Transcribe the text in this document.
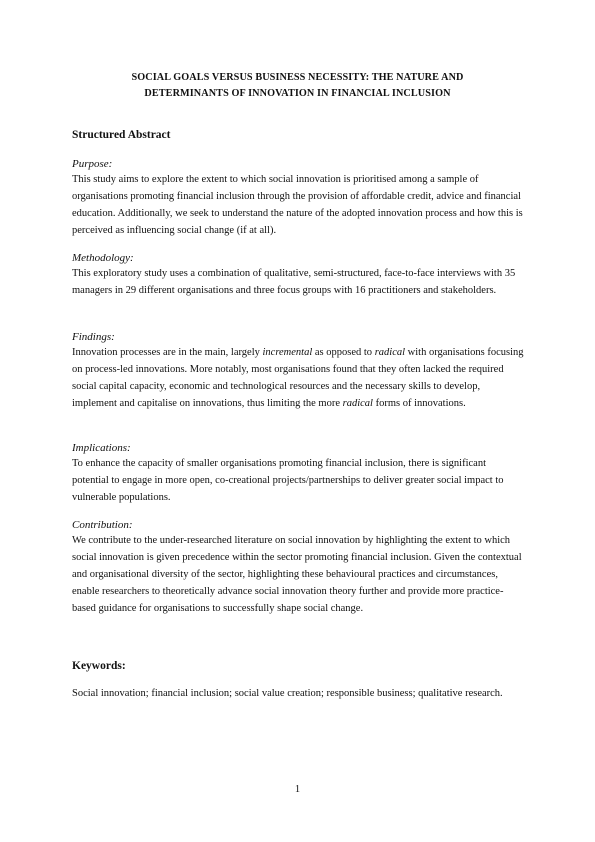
SOCIAL GOALS VERSUS BUSINESS NECESSITY: THE NATURE AND
DETERMINANTS OF INNOVATION IN FINANCIAL INCLUSION
Structured Abstract
Purpose:
This study aims to explore the extent to which social innovation is prioritised among a sample of organisations promoting financial inclusion through the provision of affordable credit, advice and financial education. Additionally, we seek to understand the nature of the adopted innovation process and how this is perceived as influencing social change (if at all).
Methodology:
This exploratory study uses a combination of qualitative, semi-structured, face-to-face interviews with 35 managers in 29 different organisations and three focus groups with 16 practitioners and stakeholders.
Findings:
Innovation processes are in the main, largely incremental as opposed to radical with organisations focusing on process-led innovations. More notably, most organisations found that they often lacked the required social capital capacity, economic and technological resources and the necessary skills to develop, implement and capitalise on innovations, thus limiting the more radical forms of innovations.
Implications:
To enhance the capacity of smaller organisations promoting financial inclusion, there is significant potential to engage in more open, co-creational projects/partnerships to deliver greater social impact to vulnerable populations.
Contribution:
We contribute to the under-researched literature on social innovation by highlighting the extent to which social innovation is given precedence within the sector promoting financial inclusion. Given the contextual and organisational diversity of the sector, highlighting these behavioural practices and circumstances, enable researchers to theoretically advance social innovation theory further and provide more practice-based guidance for organisations to successfully shape social change.
Keywords:
Social innovation; financial inclusion; social value creation; responsible business; qualitative research.
1
